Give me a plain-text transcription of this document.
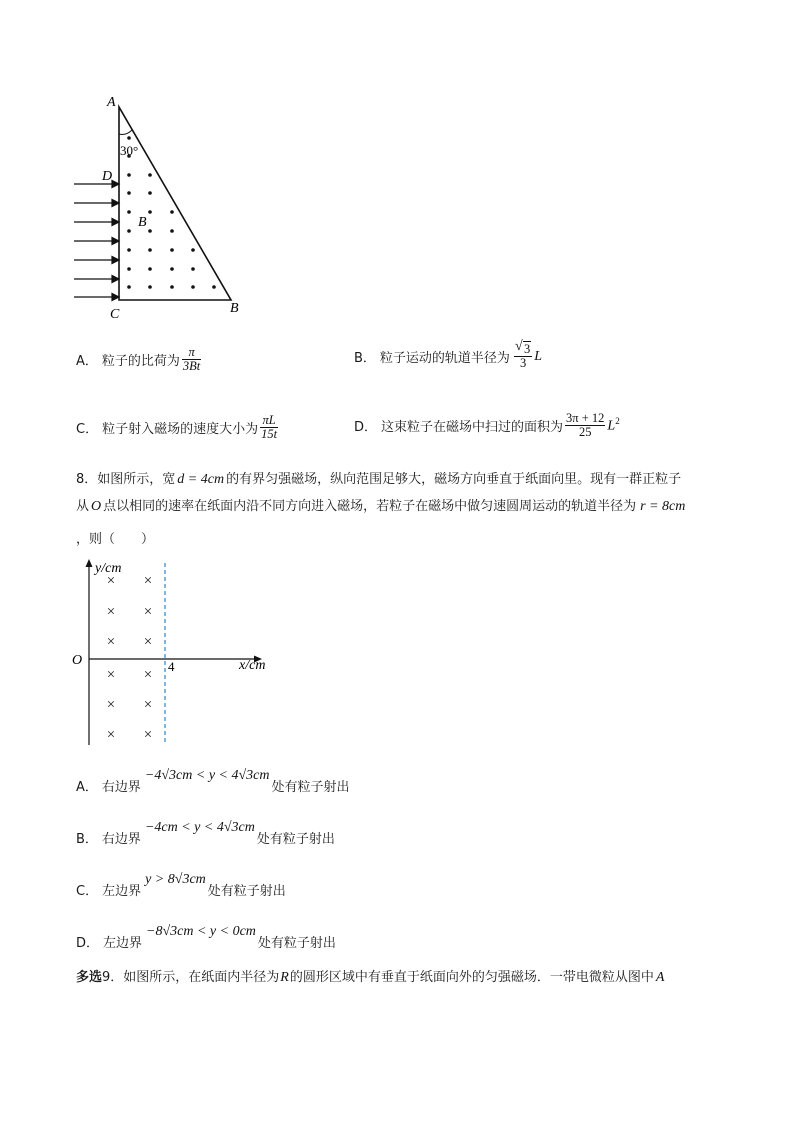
A
30°
D
B
C	B
A． 粒子的比荷为 $\frac{\pi}{3Bt}$	B． 粒子运动的轨道半径为 $\frac{√ 3}{3}$ L
C． 粒子射入磁场的速度大小为 $\frac{\pi L}{15t}$	D． 这束粒子在磁场中扫过的面积为 $\frac{3\pi + 12}{25} L^2$
8．如图所示，宽 d = 4cm 的有界匀强磁场，纵向范围足够大，磁场方向垂直于纸面向里。现有一群正粒子
从 O 点以相同的速率在纸面内沿不同方向进入磁场，若粒子在磁场中做匀速圆周运动的轨道半径为 r = 8cm
，则（　　）
× ×
× ×
× ×
× ×
× ×
× ×
y/cm
x/cm
O	4
A． 右边界
−4√3cm < y < 4√3cm
处有粒子射出
B． 右边界
−4cm < y < 4√3cm
处有粒子射出
C． 左边界
y > 8√3cm
处有粒子射出
D． 左边界
−8√3cm < y < 0cm
处有粒子射出
多选9．如图所示，在纸面内半径为R的圆形区域中有垂直于纸面向外的匀强磁场．一带电微粒从图中 A
